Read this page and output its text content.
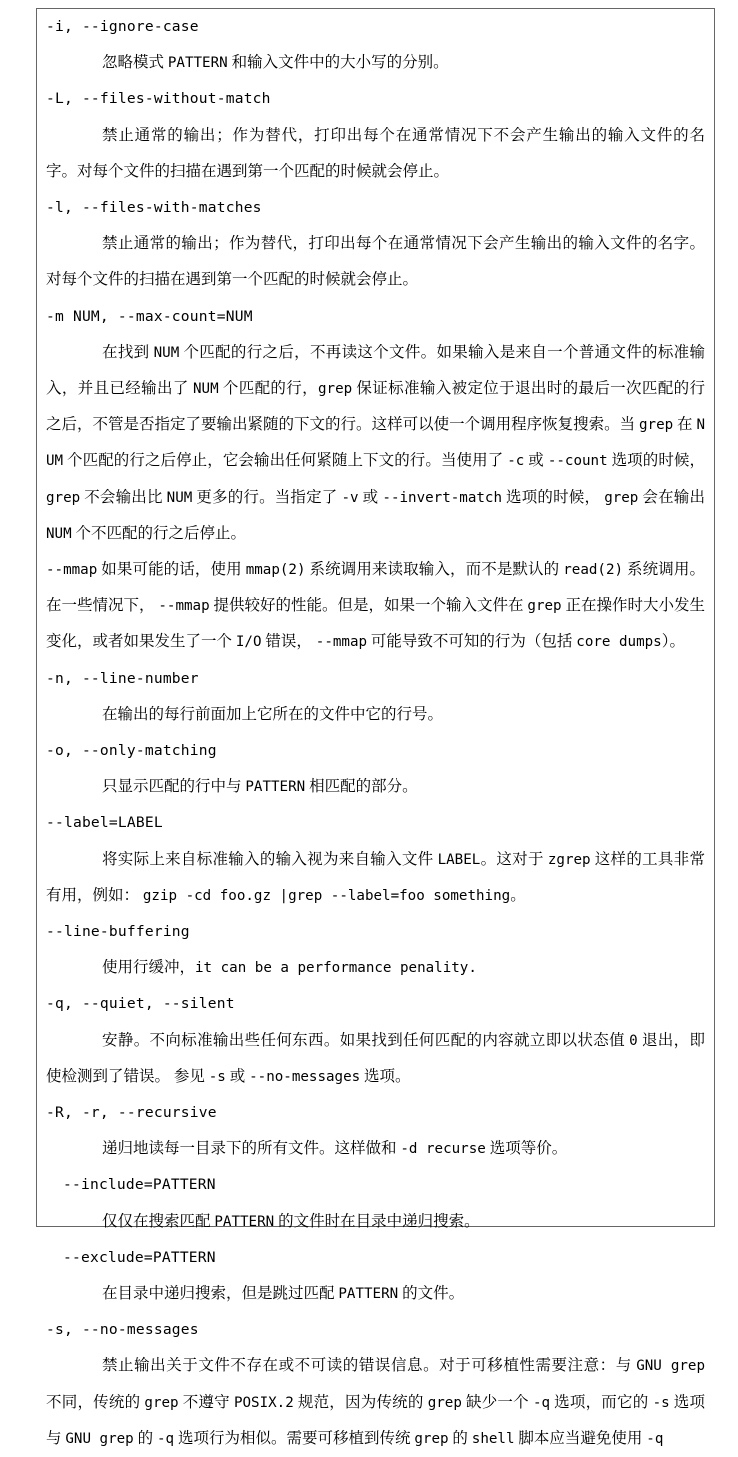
-i, --ignore-case

忽略模式 PATTERN 和输入文件中的大小写的分别。

-L, --files-without-match

禁止通常的输出；作为替代，打印出每个在通常情况下不会产生输出的输入文件的名字。对每个文件的扫描在遇到第一个匹配的时候就会停止。

-l, --files-with-matches

禁止通常的输出；作为替代，打印出每个在通常情况下会产生输出的输入文件的名字。对每个文件的扫描在遇到第一个匹配的时候就会停止。

-m NUM, --max-count=NUM

在找到 NUM 个匹配的行之后，不再读这个文件。如果输入是来自一个普通文件的标准输入，并且已经输出了 NUM 个匹配的行，grep 保证标准输入被定位于退出时的最后一次匹配的行之后，不管是否指定了要输出紧随的下文的行。这样可以使一个调用程序恢复搜索。当 grep 在 NUM 个匹配的行之后停止，它会输出任何紧随上下文的行。当使用了 -c 或 --count 选项的时候， grep 不会输出比 NUM 更多的行。当指定了 -v 或 --invert-match 选项的时候， grep 会在输出 NUM 个不匹配的行之后停止。

--mmap 如果可能的话，使用 mmap(2) 系统调用来读取输入，而不是默认的 read(2) 系统调用。在一些情况下， --mmap 提供较好的性能。但是，如果一个输入文件在 grep 正在操作时大小发生变化，或者如果发生了一个 I/O 错误， --mmap 可能导致不可知的行为（包括 core dumps）。

-n, --line-number

在输出的每行前面加上它所在的文件中它的行号。

-o, --only-matching

只显示匹配的行中与 PATTERN 相匹配的部分。

--label=LABEL

将实际上来自标准输入的输入视为来自输入文件 LABEL。这对于 zgrep 这样的工具非常有用，例如： gzip -cd foo.gz |grep --label=foo something。

--line-buffering

使用行缓冲，it can be a performance penality.

-q, --quiet, --silent

安静。不向标准输出些任何东西。如果找到任何匹配的内容就立即以状态值 0 退出，即使检测到了错误。 参见 -s 或 --no-messages 选项。

-R, -r, --recursive

递归地读每一目录下的所有文件。这样做和 -d recurse 选项等价。

--include=PATTERN

仅仅在搜索匹配 PATTERN 的文件时在目录中递归搜索。

--exclude=PATTERN

在目录中递归搜索，但是跳过匹配 PATTERN 的文件。

-s, --no-messages

禁止输出关于文件不存在或不可读的错误信息。对于可移植性需要注意：与 GNU grep 不同，传统的 grep 不遵守 POSIX.2 规范，因为传统的 grep 缺少一个 -q 选项，而它的 -s 选项与 GNU grep 的 -q 选项行为相似。需要可移植到传统 grep 的 shell 脚本应当避免使用 -q
